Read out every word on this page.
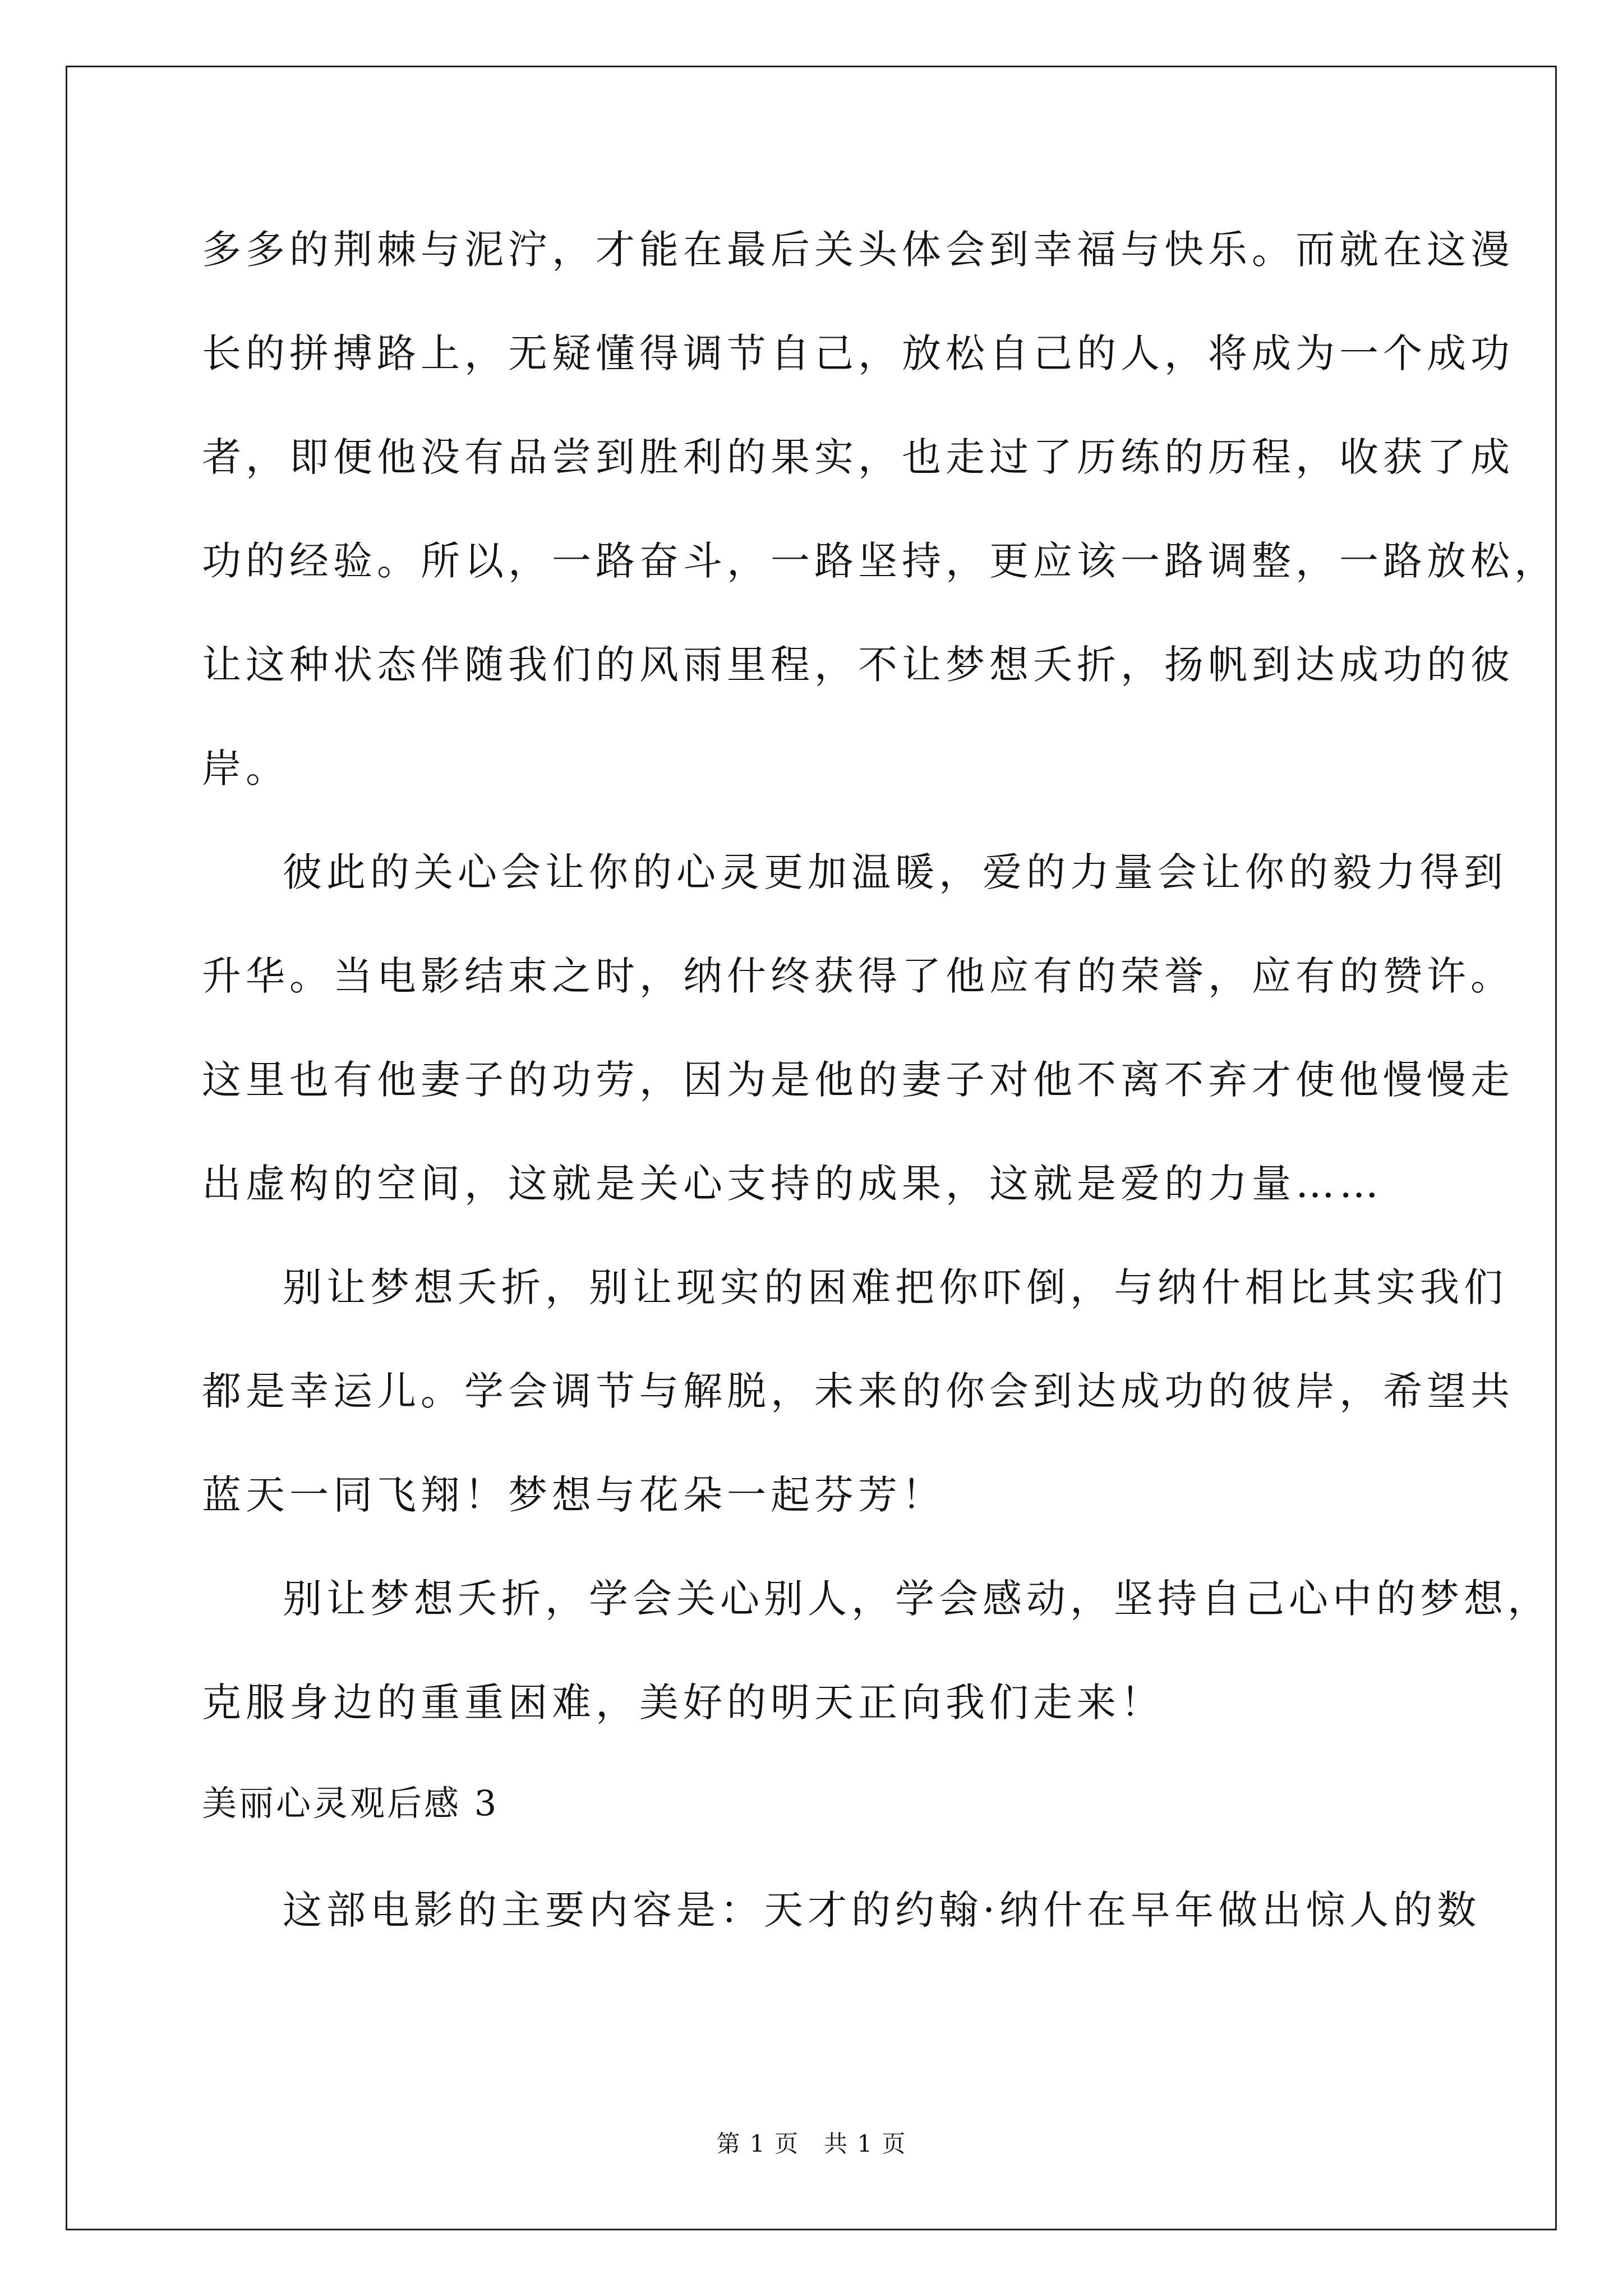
多多的荆棘与泥泞，才能在最后关头体会到幸福与快乐。而就在这漫
长的拼搏路上，无疑懂得调节自己，放松自己的人，将成为一个成功
者，即便他没有品尝到胜利的果实，也走过了历练的历程，收获了成
功的经验。所以，一路奋斗，一路坚持，更应该一路调整，一路放松，
让这种状态伴随我们的风雨里程，不让梦想夭折，扬帆到达成功的彼
岸。
彼此的关心会让你的心灵更加温暖，爱的力量会让你的毅力得到
升华。当电影结束之时，纳什终获得了他应有的荣誉，应有的赞许。
这里也有他妻子的功劳，因为是他的妻子对他不离不弃才使他慢慢走
出虚构的空间，这就是关心支持的成果，这就是爱的力量……
别让梦想夭折，别让现实的困难把你吓倒，与纳什相比其实我们
都是幸运儿。学会调节与解脱，未来的你会到达成功的彼岸，希望共
蓝天一同飞翔！梦想与花朵一起芬芳！
别让梦想夭折，学会关心别人，学会感动，坚持自己心中的梦想，
克服身边的重重困难，美好的明天正向我们走来！
美丽心灵观后感 3
这部电影的主要内容是：天才的约翰·纳什在早年做出惊人的数
第 1 页　共 1 页
